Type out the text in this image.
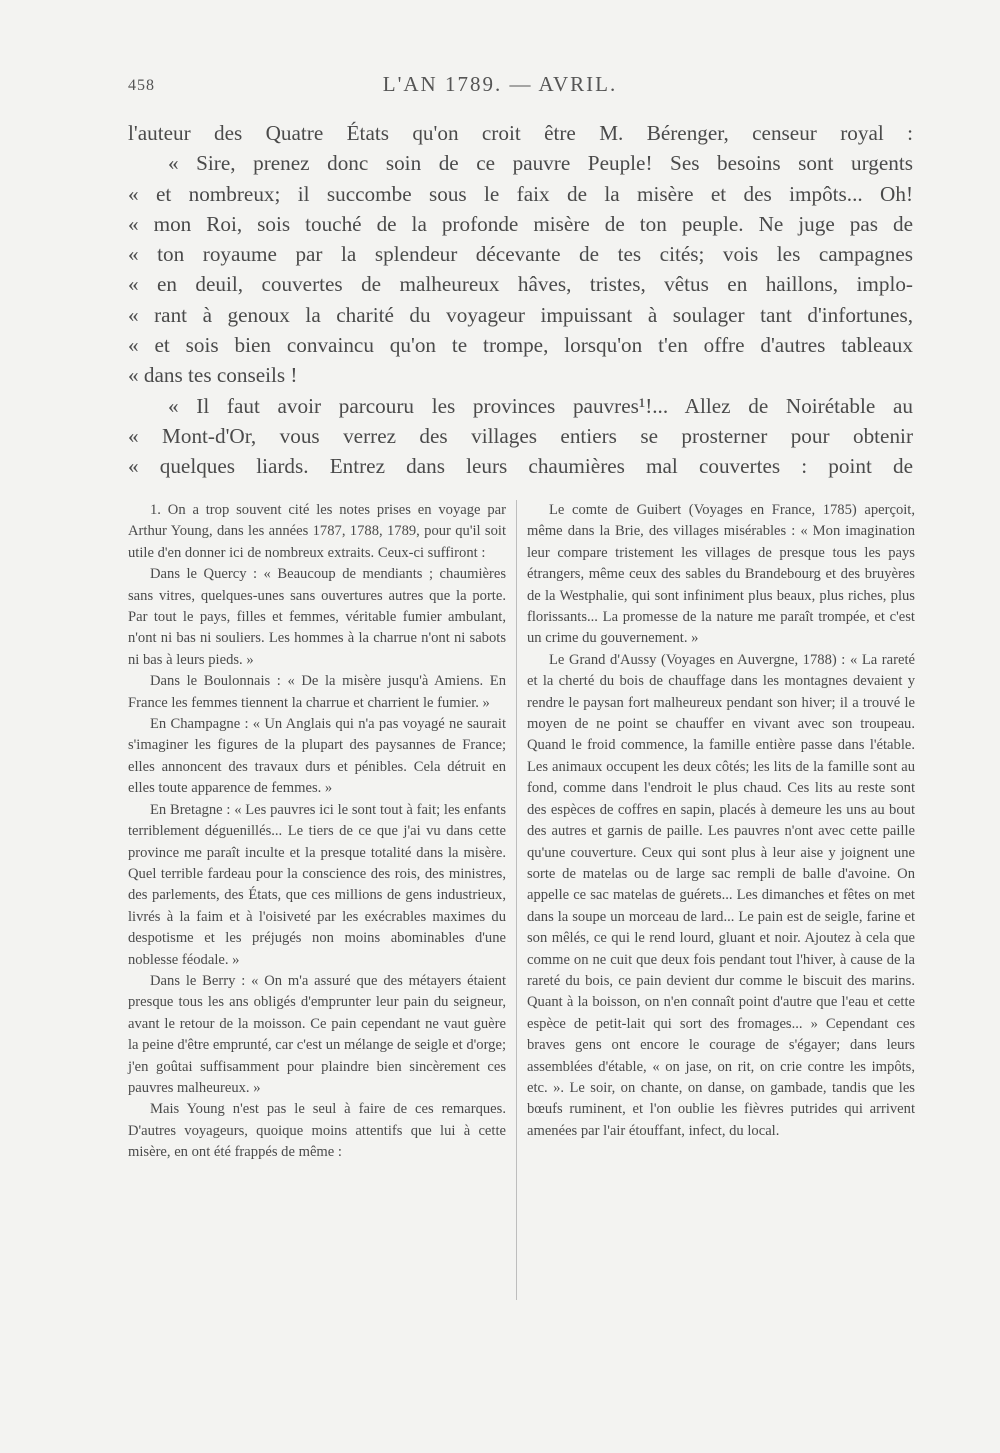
458	L'AN 1789. — AVRIL.
l'auteur des Quatre États qu'on croit être M. Bérenger, censeur royal :
« Sire, prenez donc soin de ce pauvre Peuple! Ses besoins sont urgents
« et nombreux; il succombe sous le faix de la misère et des impôts... Oh!
« mon Roi, sois touché de la profonde misère de ton peuple. Ne juge pas de
« ton royaume par la splendeur décevante de tes cités; vois les campagnes
« en deuil, couvertes de malheureux hâves, tristes, vêtus en haillons, implo-
« rant à genoux la charité du voyageur impuissant à soulager tant d'infortunes,
« et sois bien convaincu qu'on te trompe, lorsqu'on t'en offre d'autres tableaux
« dans tes conseils !
« Il faut avoir parcouru les provinces pauvres¹!... Allez de Noirétable au
« Mont-d'Or, vous verrez des villages entiers se prosterner pour obtenir
« quelques liards. Entrez dans leurs chaumières mal couvertes : point de

1. On a trop souvent cité les notes prises en voyage par Arthur Young, dans les années 1787, 1788, 1789, pour qu'il soit utile d'en donner ici de nombreux extraits. Ceux-ci suffiront :

Dans le Quercy : « Beaucoup de mendiants ; chaumières sans vitres, quelques-unes sans ouvertures autres que la porte. Par tout le pays, filles et femmes, véritable fumier ambulant, n'ont ni bas ni souliers. Les hommes à la charrue n'ont ni sabots ni bas à leurs pieds. »

Dans le Boulonnais : « De la misère jusqu'à Amiens. En France les femmes tiennent la charrue et charrient le fumier. »

En Champagne : « Un Anglais qui n'a pas voyagé ne saurait s'imaginer les figures de la plupart des paysannes de France; elles annoncent des travaux durs et pénibles. Cela détruit en elles toute apparence de femmes. »

En Bretagne : « Les pauvres ici le sont tout à fait; les enfants terriblement déguenillés... Le tiers de ce que j'ai vu dans cette province me paraît inculte et la presque totalité dans la misère. Quel terrible fardeau pour la conscience des rois, des ministres, des parlements, des États, que ces millions de gens industrieux, livrés à la faim et à l'oisiveté par les exécrables maximes du despotisme et les préjugés non moins abominables d'une noblesse féodale. »

Dans le Berry : « On m'a assuré que des métayers étaient presque tous les ans obligés d'emprunter leur pain du seigneur, avant le retour de la moisson. Ce pain cependant ne vaut guère la peine d'être emprunté, car c'est un mélange de seigle et d'orge; j'en goûtai suffisamment pour plaindre bien sincèrement ces pauvres malheureux. »

Mais Young n'est pas le seul à faire de ces remarques. D'autres voyageurs, quoique moins attentifs que lui à cette misère, en ont été frappés de même :

Le comte de Guibert (Voyages en France, 1785) aperçoit, même dans la Brie, des villages misérables : « Mon imagination leur compare tristement les villages de presque tous les pays étrangers, même ceux des sables du Brandebourg et des bruyères de la Westphalie, qui sont infiniment plus beaux, plus riches, plus florissants... La promesse de la nature me paraît trompée, et c'est un crime du gouvernement. »

Le Grand d'Aussy (Voyages en Auvergne, 1788) : « La rareté et la cherté du bois de chauffage dans les montagnes devaient y rendre le paysan fort malheureux pendant son hiver; il a trouvé le moyen de ne point se chauffer en vivant avec son troupeau. Quand le froid commence, la famille entière passe dans l'étable. Les animaux occupent les deux côtés; les lits de la famille sont au fond, comme dans l'endroit le plus chaud. Ces lits au reste sont des espèces de coffres en sapin, placés à demeure les uns au bout des autres et garnis de paille. Les pauvres n'ont avec cette paille qu'une couverture. Ceux qui sont plus à leur aise y joignent une sorte de matelas ou de large sac rempli de balle d'avoine. On appelle ce sac matelas de guérets... Les dimanches et fêtes on met dans la soupe un morceau de lard... Le pain est de seigle, farine et son mêlés, ce qui le rend lourd, gluant et noir. Ajoutez à cela que comme on ne cuit que deux fois pendant tout l'hiver, à cause de la rareté du bois, ce pain devient dur comme le biscuit des marins. Quant à la boisson, on n'en connaît point d'autre que l'eau et cette espèce de petit-lait qui sort des fromages... » Cependant ces braves gens ont encore le courage de s'égayer; dans leurs assemblées d'étable, « on jase, on rit, on crie contre les impôts, etc. ». Le soir, on chante, on danse, on gambade, tandis que les bœufs ruminent, et l'on oublie les fièvres putrides qui arrivent amenées par l'air étouffant, infect, du local.
